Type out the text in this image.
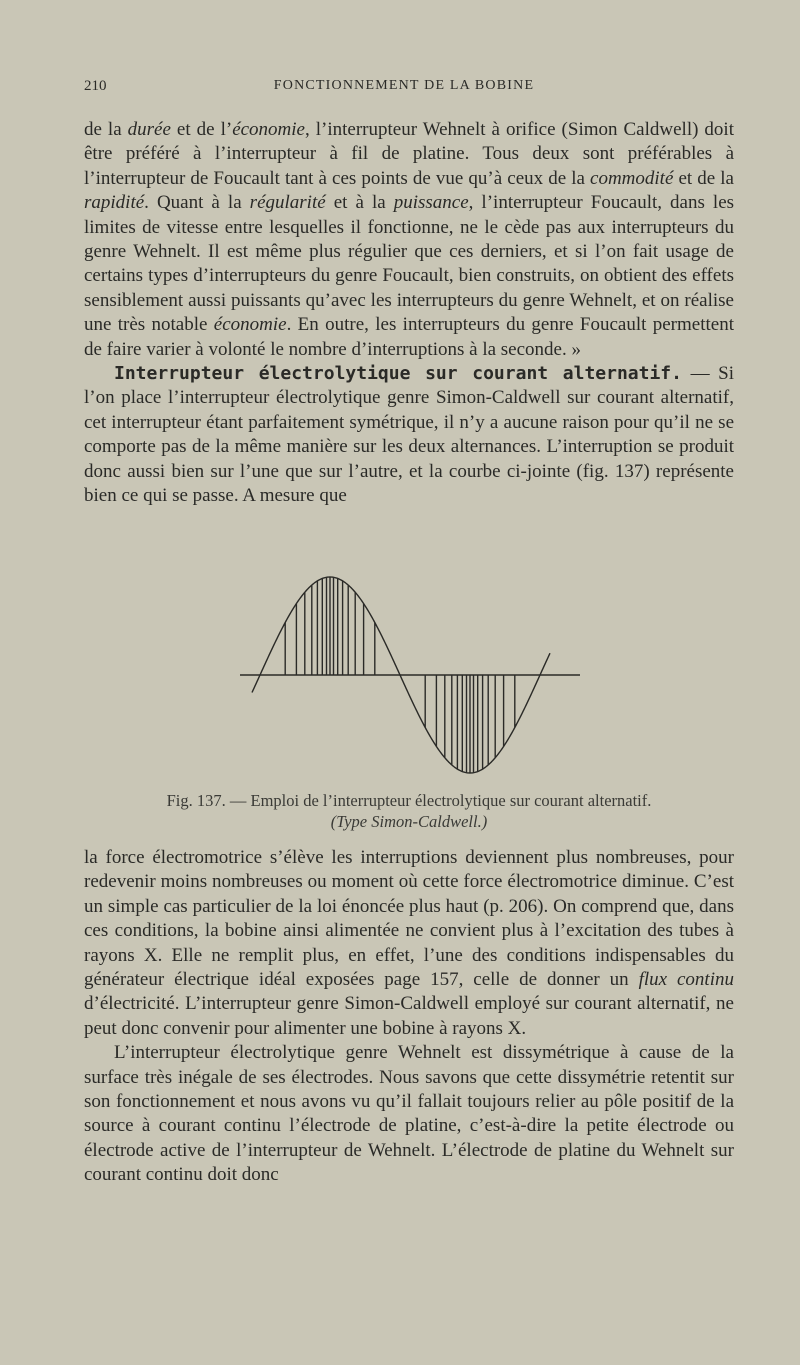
210	FONCTIONNEMENT DE LA BOBINE

de la durée et de l’économie, l’interrupteur Wehnelt à orifice (Simon Caldwell) doit être préféré à l’interrupteur à fil de platine. Tous deux sont préférables à l’interrupteur de Foucault tant à ces points de vue qu’à ceux de la commodité et de la rapidité. Quant à la régularité et à la puissance, l’interrupteur Foucault, dans les limites de vitesse entre lesquelles il fonctionne, ne le cède pas aux interrupteurs du genre Wehnelt. Il est même plus régulier que ces derniers, et si l’on fait usage de certains types d’interrupteurs du genre Foucault, bien construits, on obtient des effets sensiblement aussi puissants qu’avec les interrupteurs du genre Wehnelt, et on réalise une très notable économie. En outre, les interrupteurs du genre Foucault permettent de faire varier à volonté le nombre d’interruptions à la seconde. »

Interrupteur électrolytique sur courant alternatif. — Si l’on place l’interrupteur électrolytique genre Simon-Caldwell sur courant alternatif, cet interrupteur étant parfaitement symétrique, il n’y a aucune raison pour qu’il ne se comporte pas de la même manière sur les deux alternances. L’interruption se produit donc aussi bien sur l’une que sur l’autre, et la courbe ci-jointe (fig. 137) représente bien ce qui se passe. A mesure que

Fig. 137. — Emploi de l’interrupteur électrolytique sur courant alternatif.
(Type Simon-Caldwell.)

la force électromotrice s’élève les interruptions deviennent plus nombreuses, pour redevenir moins nombreuses ou moment où cette force électromotrice diminue. C’est un simple cas particulier de la loi énoncée plus haut (p. 206). On comprend que, dans ces conditions, la bobine ainsi alimentée ne convient plus à l’excitation des tubes à rayons X. Elle ne remplit plus, en effet, l’une des conditions indispensables du générateur électrique idéal exposées page 157, celle de donner un flux continu d’électricité. L’interrupteur genre Simon-Caldwell employé sur courant alternatif, ne peut donc convenir pour alimenter une bobine à rayons X.

L’interrupteur électrolytique genre Wehnelt est dissymétrique à cause de la surface très inégale de ses électrodes. Nous savons que cette dissymétrie retentit sur son fonctionnement et nous avons vu qu’il fallait toujours relier au pôle positif de la source à courant continu l’électrode de platine, c’est-à-dire la petite électrode ou électrode active de l’interrupteur de Wehnelt. L’électrode de platine du Wehnelt sur courant continu doit donc
